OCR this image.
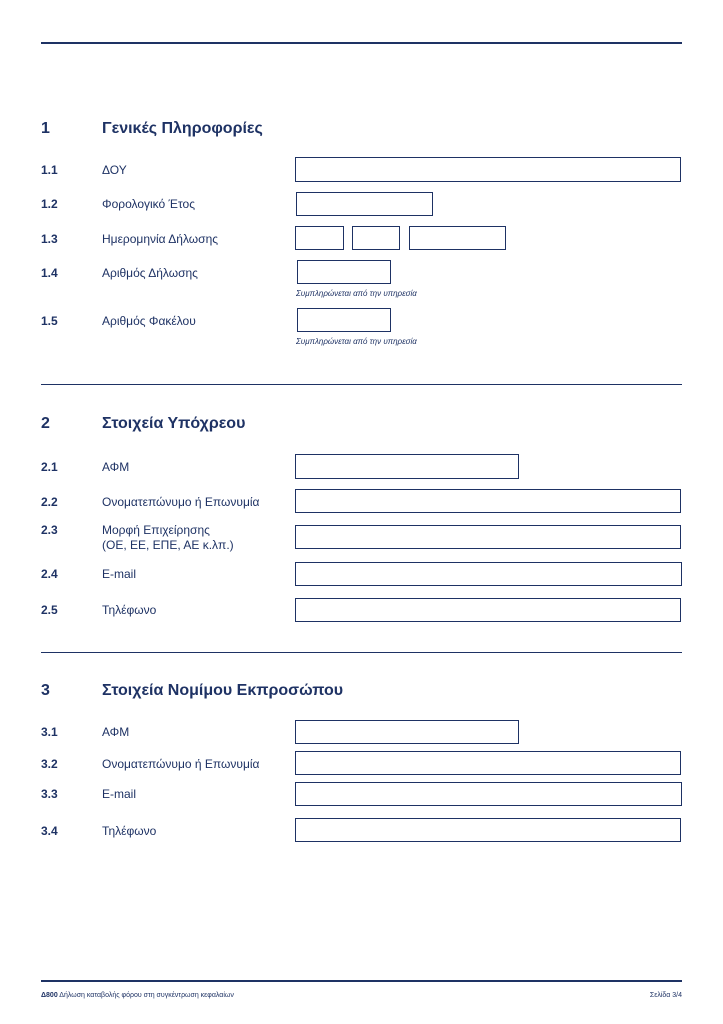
1	Γενικές Πληροφορίες
1.1	ΔΟΥ
1.2	Φορολογικό Έτος
1.3	Ημερομηνία Δήλωσης
1.4	Αριθμός Δήλωσης
Συμπληρώνεται από την υπηρεσία
1.5	Αριθμός Φακέλου
Συμπληρώνεται από την υπηρεσία
2	Στοιχεία Υπόχρεου
2.1	ΑΦΜ
2.2	Ονοματεπώνυμο ή Επωνυμία
2.3	Μορφή Επιχείρησης
(ΟΕ, ΕΕ, ΕΠΕ, ΑΕ κ.λπ.)
2.4	E-mail
2.5	Τηλέφωνο
3	Στοιχεία Νομίμου Εκπροσώπου
3.1	ΑΦΜ
3.2	Ονοματεπώνυμο ή Επωνυμία
3.3	E-mail
3.4	Τηλέφωνο
Δ800 Δήλωση καταβολής φόρου στη συγκέντρωση κεφαλαίων	Σελίδα 3/4
